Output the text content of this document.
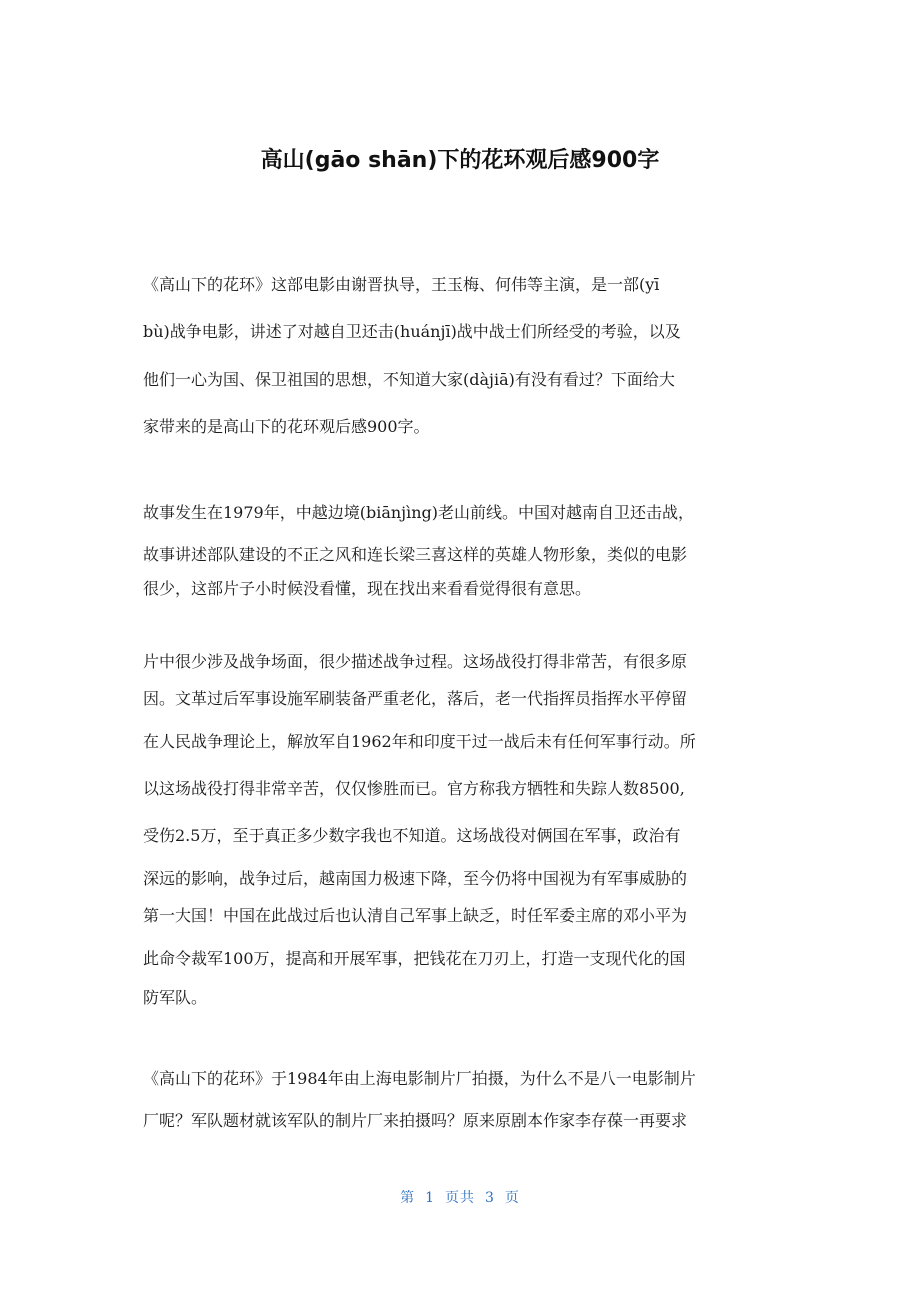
高山(gāo shān)下的花环观后感900字
《高山下的花环》这部电影由谢晋执导，王玉梅、何伟等主演，是一部(yī
bù)战争电影，讲述了对越自卫还击(huánjī)战中战士们所经受的考验，以及
他们一心为国、保卫祖国的思想，不知道大家(dàjiā)有没有看过？下面给大
家带来的是高山下的花环观后感900字。
故事发生在1979年，中越边境(biānjìng)老山前线。中国对越南自卫还击战，
故事讲述部队建设的不正之风和连长梁三喜这样的英雄人物形象，类似的电影
很少，这部片子小时候没看懂，现在找出来看看觉得很有意思。
片中很少涉及战争场面，很少描述战争过程。这场战役打得非常苦，有很多原
因。文革过后军事设施军刷装备严重老化，落后，老一代指挥员指挥水平停留
在人民战争理论上，解放军自1962年和印度干过一战后未有任何军事行动。所
以这场战役打得非常辛苦，仅仅惨胜而已。官方称我方牺牲和失踪人数8500,
受伤2.5万，至于真正多少数字我也不知道。这场战役对俩国在军事，政治有
深远的影响，战争过后，越南国力极速下降，至今仍将中国视为有军事威胁的
第一大国！中国在此战过后也认清自己军事上缺乏，时任军委主席的邓小平为
此命令裁军100万，提高和开展军事，把钱花在刀刃上，打造一支现代化的国
防军队。
《高山下的花环》于1984年由上海电影制片厂拍摄，为什么不是八一电影制片
厂呢？军队题材就该军队的制片厂来拍摄吗？原来原剧本作家李存葆一再要求
第 1 页共 3 页
